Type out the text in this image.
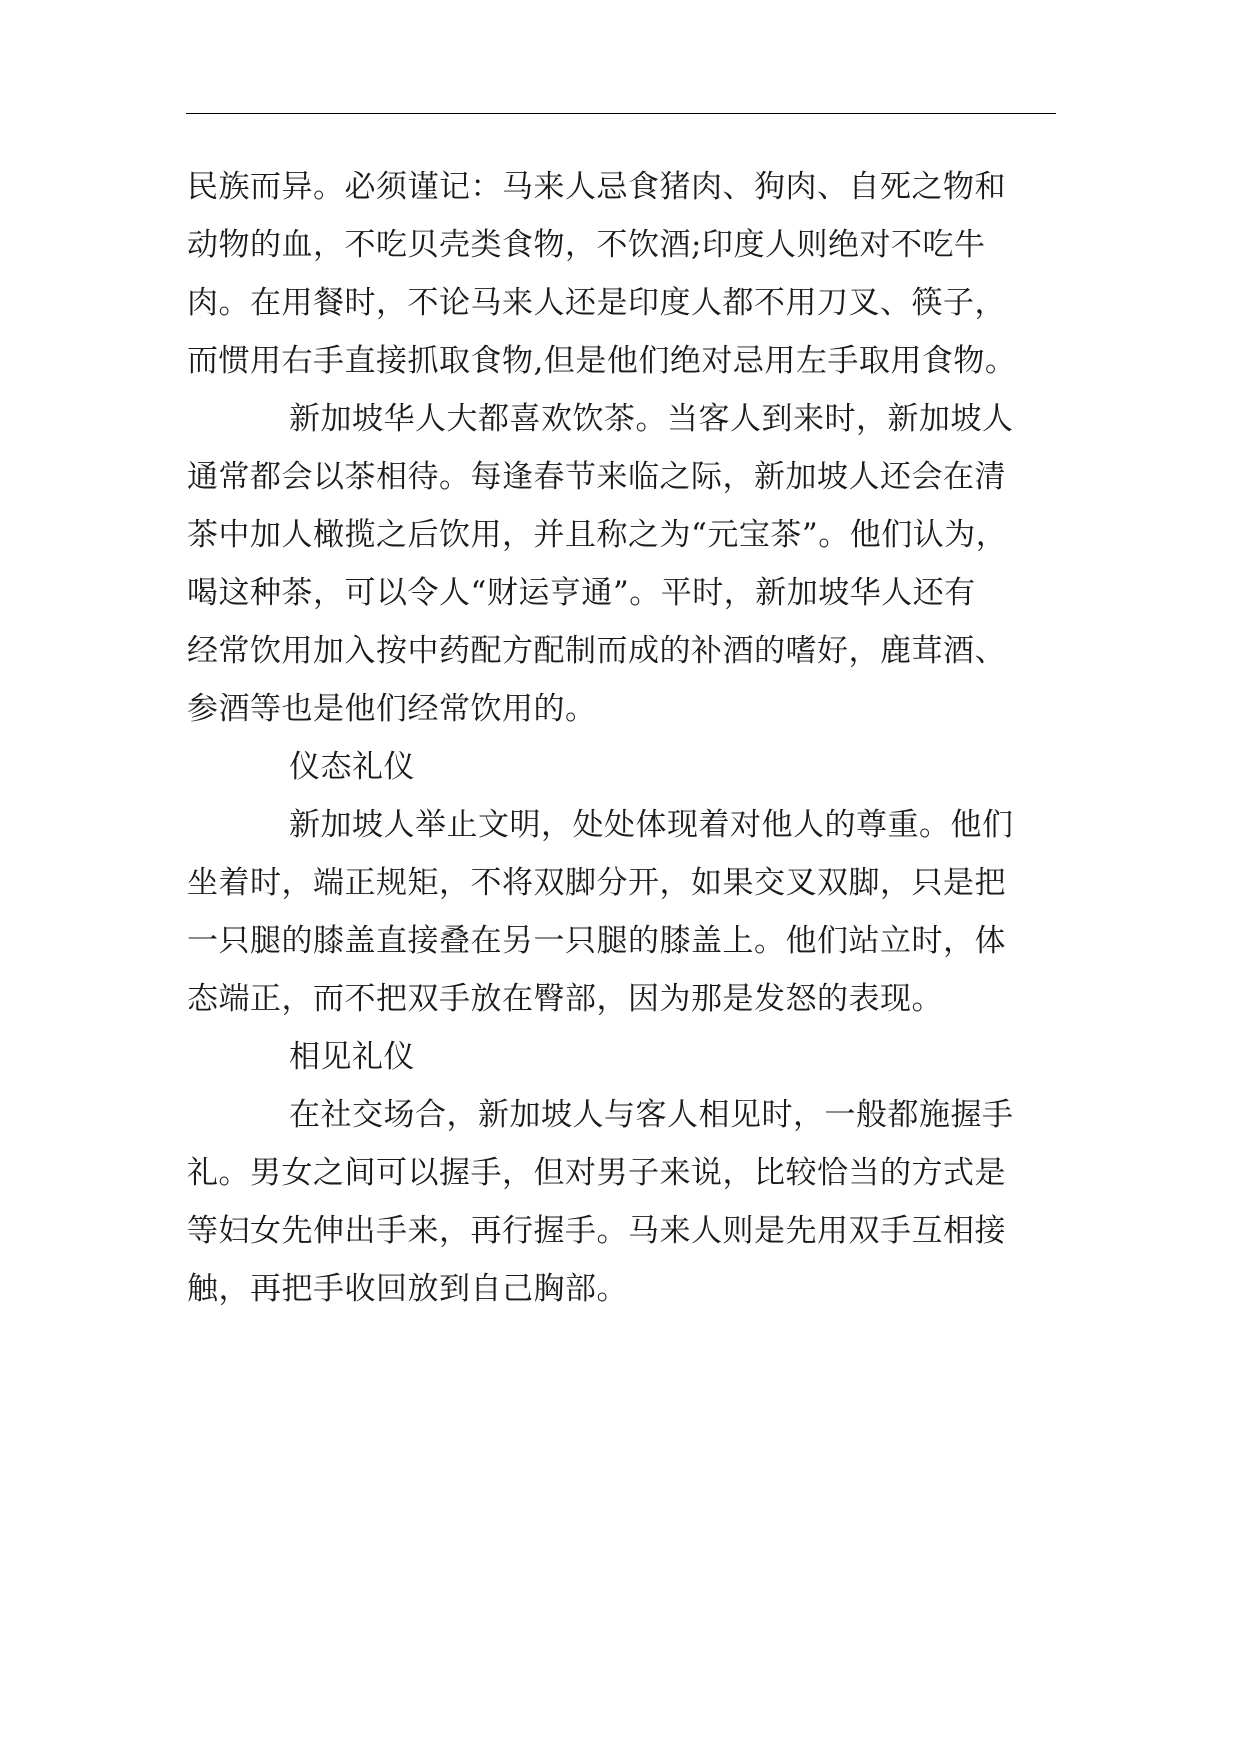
民族而异。必须谨记：马来人忌食猪肉、狗肉、自死之物和
动物的血，不吃贝壳类食物，不饮酒;印度人则绝对不吃牛
肉。在用餐时，不论马来人还是印度人都不用刀叉、筷子，
而惯用右手直接抓取食物,但是他们绝对忌用左手取用食物。
新加坡华人大都喜欢饮茶。当客人到来时，新加坡人
通常都会以茶相待。每逢春节来临之际，新加坡人还会在清
茶中加人橄揽之后饮用，并且称之为“元宝茶”。他们认为，
喝这种茶，可以令人“财运亨通”。平时，新加坡华人还有
经常饮用加入按中药配方配制而成的补酒的嗜好，鹿茸酒、
参酒等也是他们经常饮用的。
仪态礼仪
新加坡人举止文明，处处体现着对他人的尊重。他们
坐着时，端正规矩，不将双脚分开，如果交叉双脚，只是把
一只腿的膝盖直接叠在另一只腿的膝盖上。他们站立时，体
态端正，而不把双手放在臀部，因为那是发怒的表现。
相见礼仪
在社交场合，新加坡人与客人相见时，一般都施握手
礼。男女之间可以握手，但对男子来说，比较恰当的方式是
等妇女先伸出手来，再行握手。马来人则是先用双手互相接
触，再把手收回放到自己胸部。
